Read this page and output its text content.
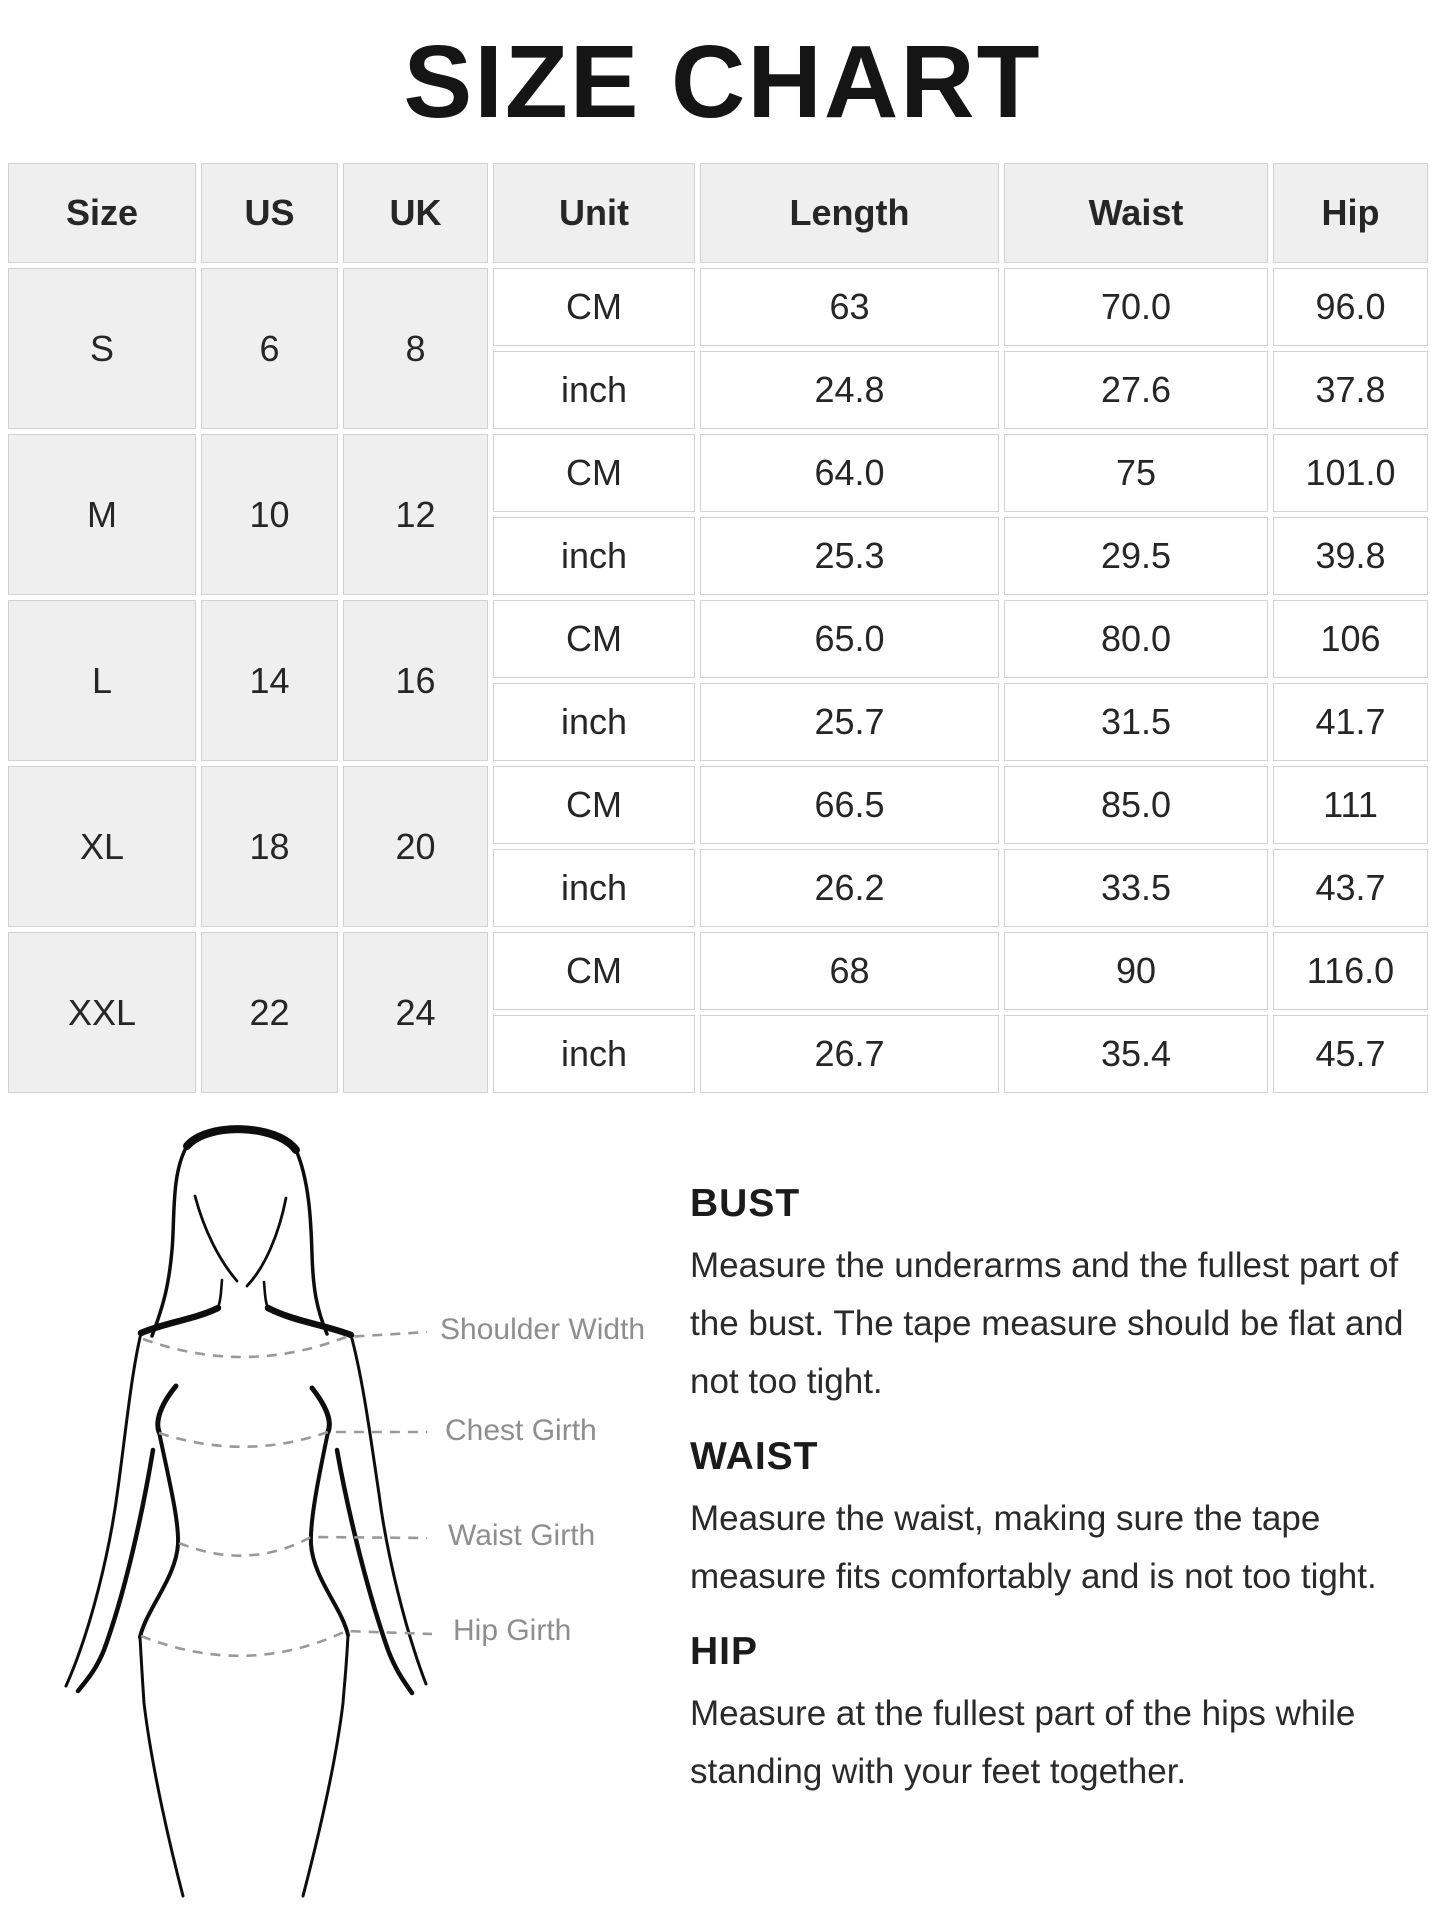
SIZE CHART
Size	US	UK	Unit	Length	Waist	Hip
S	6	8	CM	63	70.0	96.0
			inch	24.8	27.6	37.8
M	10	12	CM	64.0	75	101.0
			inch	25.3	29.5	39.8
L	14	16	CM	65.0	80.0	106
			inch	25.7	31.5	41.7
XL	18	20	CM	66.5	85.0	111
			inch	26.2	33.5	43.7
XXL	22	24	CM	68	90	116.0
			inch	26.7	35.4	45.7
Shoulder Width
Chest Girth
Waist Girth
Hip Girth
BUST

Measure the underarms and the fullest part of the bust. The tape measure should be flat and not too tight.

WAIST

Measure the waist, making sure the tape measure fits comfortably and is not too tight.

HIP

Measure at the fullest part of the hips while standing with your feet together.
